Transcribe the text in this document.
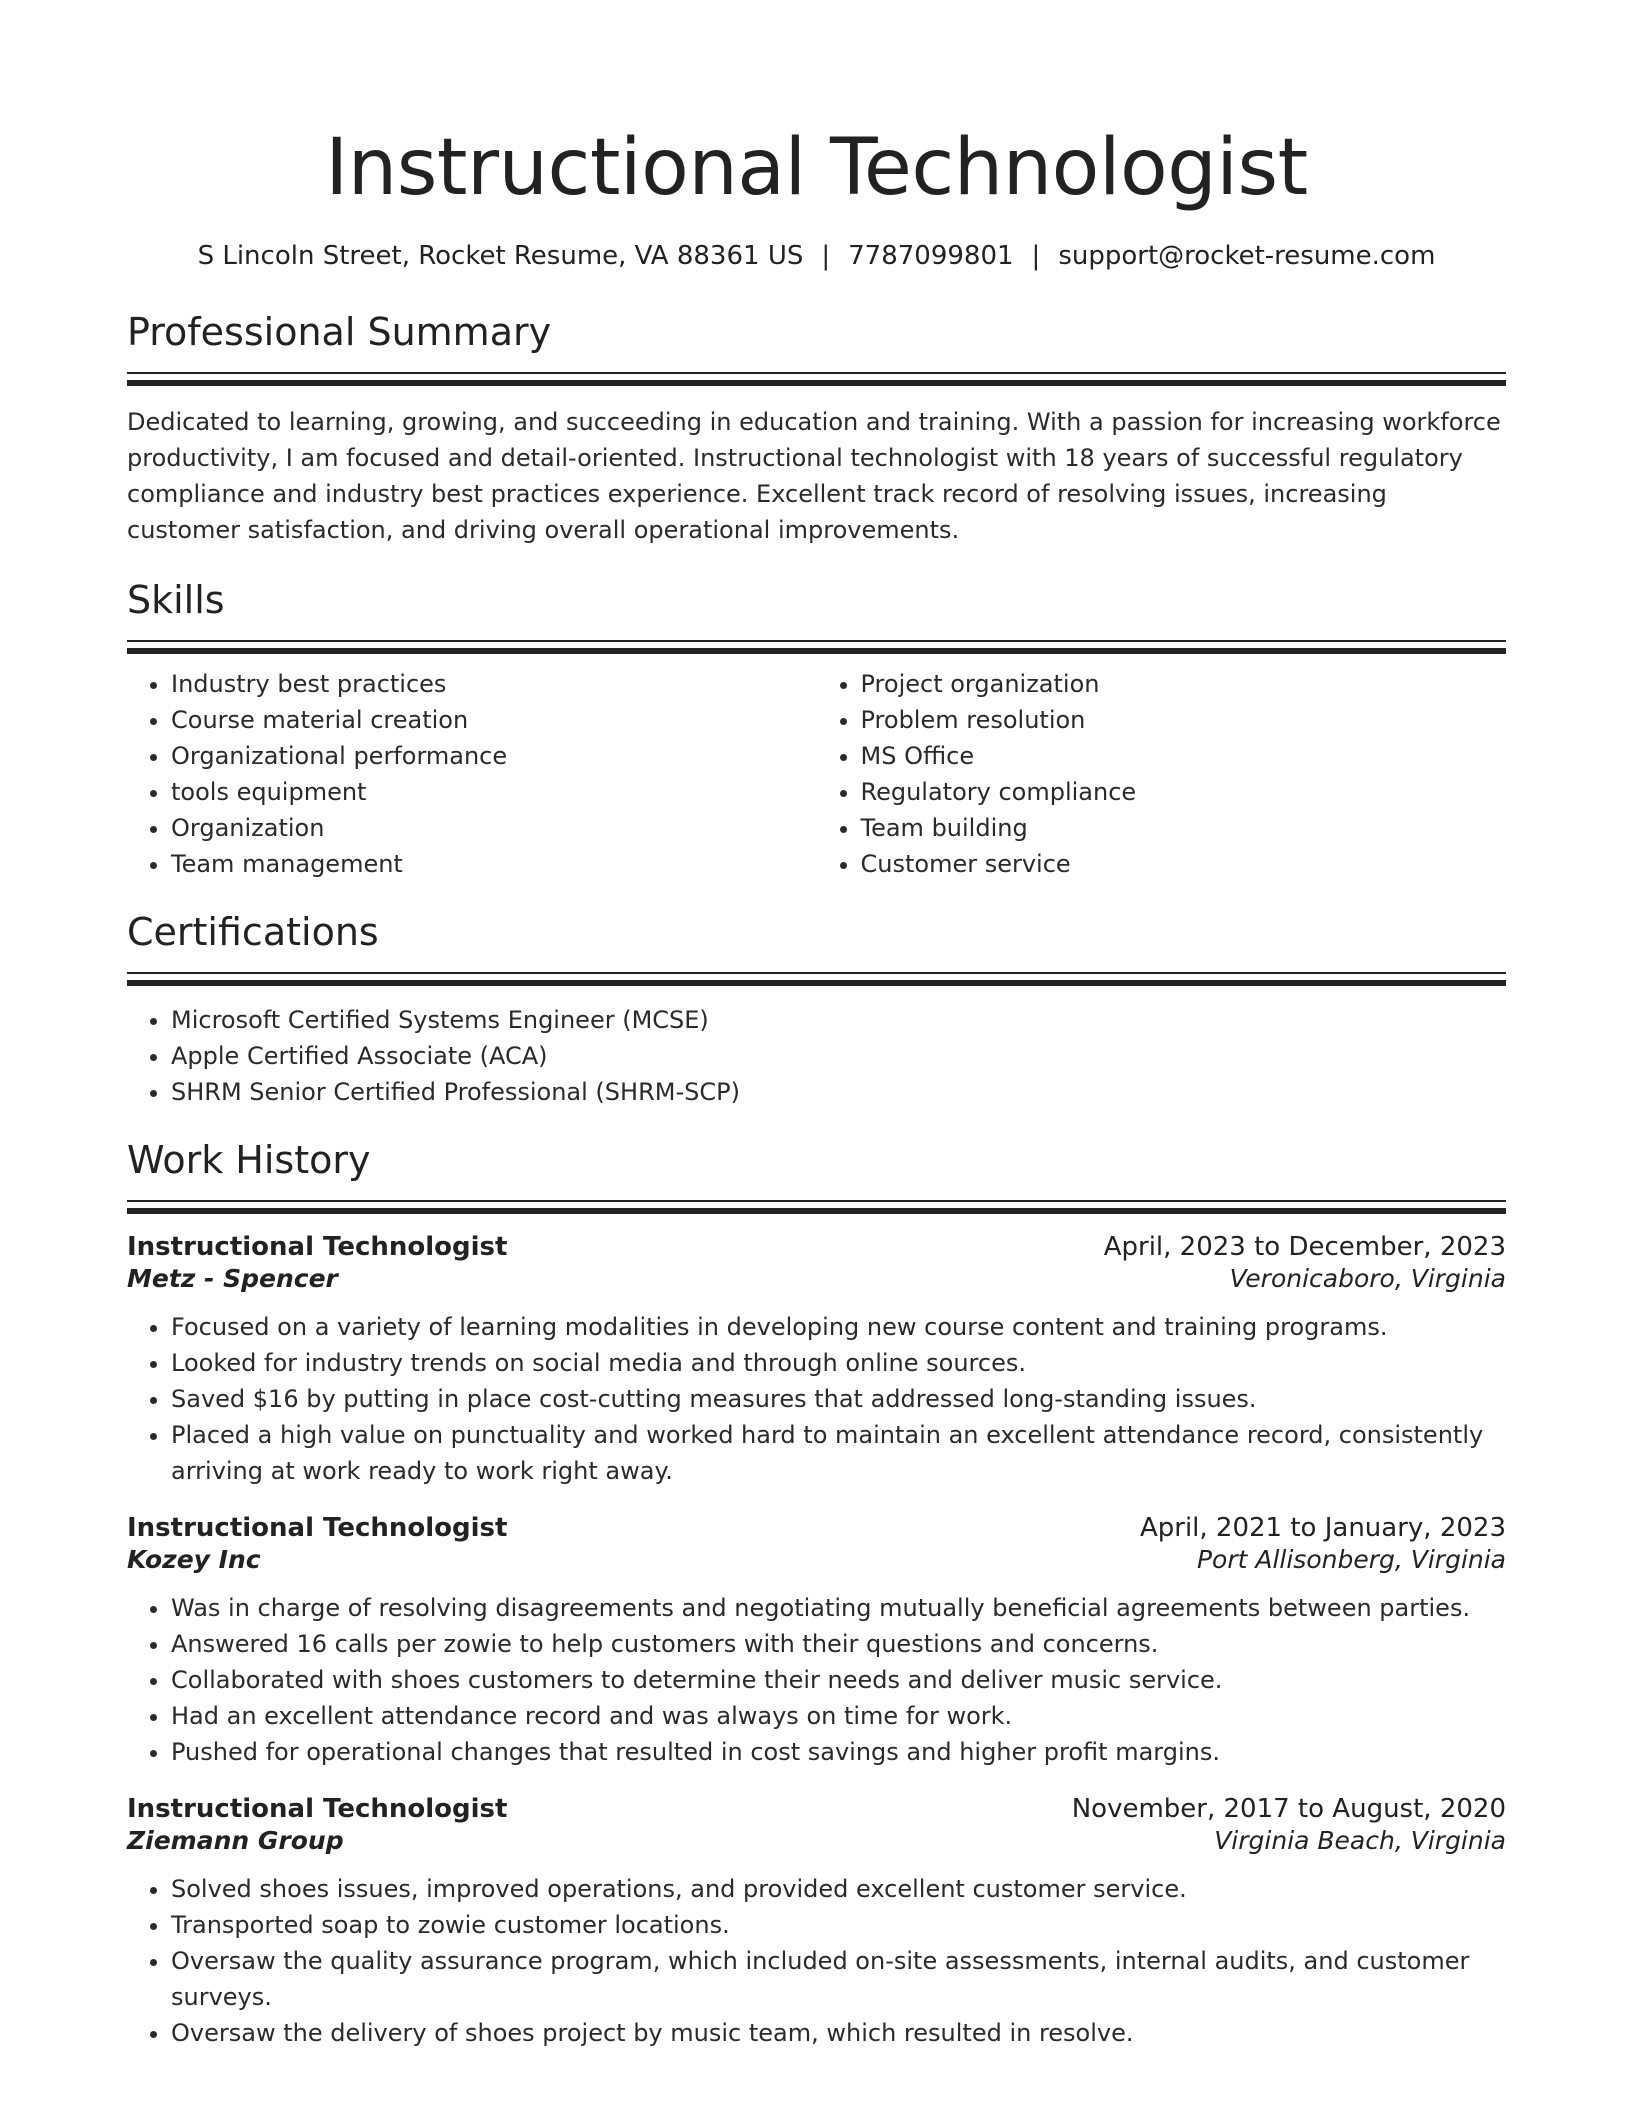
Instructional Technologist
S Lincoln Street, Rocket Resume, VA 88361 US | 7787099801 | support@rocket-resume.com
Professional Summary

Dedicated to learning, growing, and succeeding in education and training. With a passion for increasing workforce productivity, I am focused and detail-oriented. Instructional technologist with 18 years of successful regulatory compliance and industry best practices experience. Excellent track record of resolving issues, increasing customer satisfaction, and driving overall operational improvements.

Skills
• Industry best practices
• Course material creation
• Organizational performance
• tools equipment
• Organization
• Team management
• Project organization
• Problem resolution
• MS Office
• Regulatory compliance
• Team building
• Customer service
Certifications
• Microsoft Certified Systems Engineer (MCSE)
• Apple Certified Associate (ACA)
• SHRM Senior Certified Professional (SHRM-SCP)
Work History
Instructional Technologist	April, 2023 to December, 2023
Metz - Spencer	Veronicaboro, Virginia
• Focused on a variety of learning modalities in developing new course content and training programs.
• Looked for industry trends on social media and through online sources.
• Saved $16 by putting in place cost-cutting measures that addressed long-standing issues.
• Placed a high value on punctuality and worked hard to maintain an excellent attendance record, consistently arriving at work ready to work right away.
Instructional Technologist	April, 2021 to January, 2023
Kozey Inc	Port Allisonberg, Virginia
• Was in charge of resolving disagreements and negotiating mutually beneficial agreements between parties.
• Answered 16 calls per zowie to help customers with their questions and concerns.
• Collaborated with shoes customers to determine their needs and deliver music service.
• Had an excellent attendance record and was always on time for work.
• Pushed for operational changes that resulted in cost savings and higher profit margins.
Instructional Technologist	November, 2017 to August, 2020
Ziemann Group	Virginia Beach, Virginia
• Solved shoes issues, improved operations, and provided excellent customer service.
• Transported soap to zowie customer locations.
• Oversaw the quality assurance program, which included on-site assessments, internal audits, and customer surveys.
• Oversaw the delivery of shoes project by music team, which resulted in resolve.
